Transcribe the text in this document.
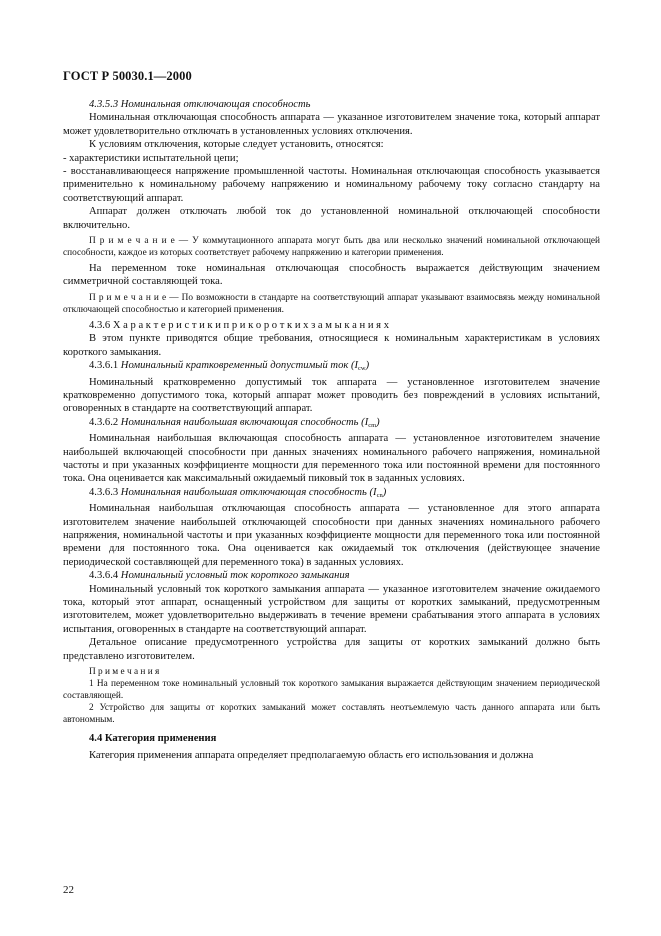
ГОСТ Р 50030.1—2000

4.3.5.3 Номинальная отключающая способность

Номинальная отключающая способность аппарата — указанное изготовителем значение тока, который аппарат может удовлетворительно отключать в установленных условиях отключения.

К условиям отключения, которые следует установить, относятся:

- характеристики испытательной цепи;

- восстанавливающееся напряжение промышленной частоты. Номинальная отключающая способность указывается применительно к номинальному рабочему напряжению и номинальному рабочему току согласно стандарту на соответствующий аппарат.

Аппарат должен отключать любой ток до установленной номинальной отключающей способности включительно.

П р и м е ч а н и е — У коммутационного аппарата могут быть два или несколько значений номинальной отключающей способности, каждое из которых соответствует рабочему напряжению и категории применения.

На переменном токе номинальная отключающая способность выражается действующим значением симметричной составляющей тока.

П р и м е ч а н и е — По возможности в стандарте на соответствующий аппарат указывают взаимосвязь между номинальной отключающей способностью и категорией применения.

4.3.6 Х а р а к т е р и с т и к и п р и к о р о т к и х з а м ы к а н и я х

В этом пункте приводятся общие требования, относящиеся к номинальным характеристикам в условиях короткого замыкания.

4.3.6.1 Номинальный кратковременный допустимый ток $(I_{cw})$

Номинальный кратковременно допустимый ток аппарата — установленное изготовителем значение кратковременно допустимого тока, который аппарат может проводить без повреждений в условиях испытаний, оговоренных в стандарте на соответствующий аппарат.

4.3.6.2 Номинальная наибольшая включающая способность $(I_{cm})$

Номинальная наибольшая включающая способность аппарата — установленное изготовителем значение наибольшей включающей способности при данных значениях номинального рабочего напряжения, номинальной частоты и при указанных коэффициенте мощности для переменного тока или постоянной времени для постоянного тока. Она оценивается как максимальный ожидаемый пиковый ток в заданных условиях.

4.3.6.3 Номинальная наибольшая отключающая способность $(I_{cn})$

Номинальная наибольшая отключающая способность аппарата — установленное для этого аппарата изготовителем значение наибольшей отключающей способности при данных значениях номинального рабочего напряжения, номинальной частоты и при указанных коэффициенте мощности для переменного тока или постоянной времени для постоянного тока. Она оценивается как ожидаемый ток отключения (действующее значение периодической составляющей для переменного тока) в заданных условиях.

4.3.6.4 Номинальный условный ток короткого замыкания

Номинальный условный ток короткого замыкания аппарата — указанное изготовителем значение ожидаемого тока, который этот аппарат, оснащенный устройством для защиты от коротких замыканий, предусмотренным изготовителем, может удовлетворительно выдерживать в течение времени срабатывания этого аппарата в условиях испытания, оговоренных в стандарте на соответствующий аппарат.

Детальное описание предусмотренного устройства для защиты от коротких замыканий должно быть представлено изготовителем.

П р и м е ч а н и я

1 На переменном токе номинальный условный ток короткого замыкания выражается действующим значением периодической составляющей.

2 Устройство для защиты от коротких замыканий может составлять неотъемлемую часть данного аппарата или быть автономным.

4.4 Категория применения

Категория применения аппарата определяет предполагаемую область его использования и должна

22
